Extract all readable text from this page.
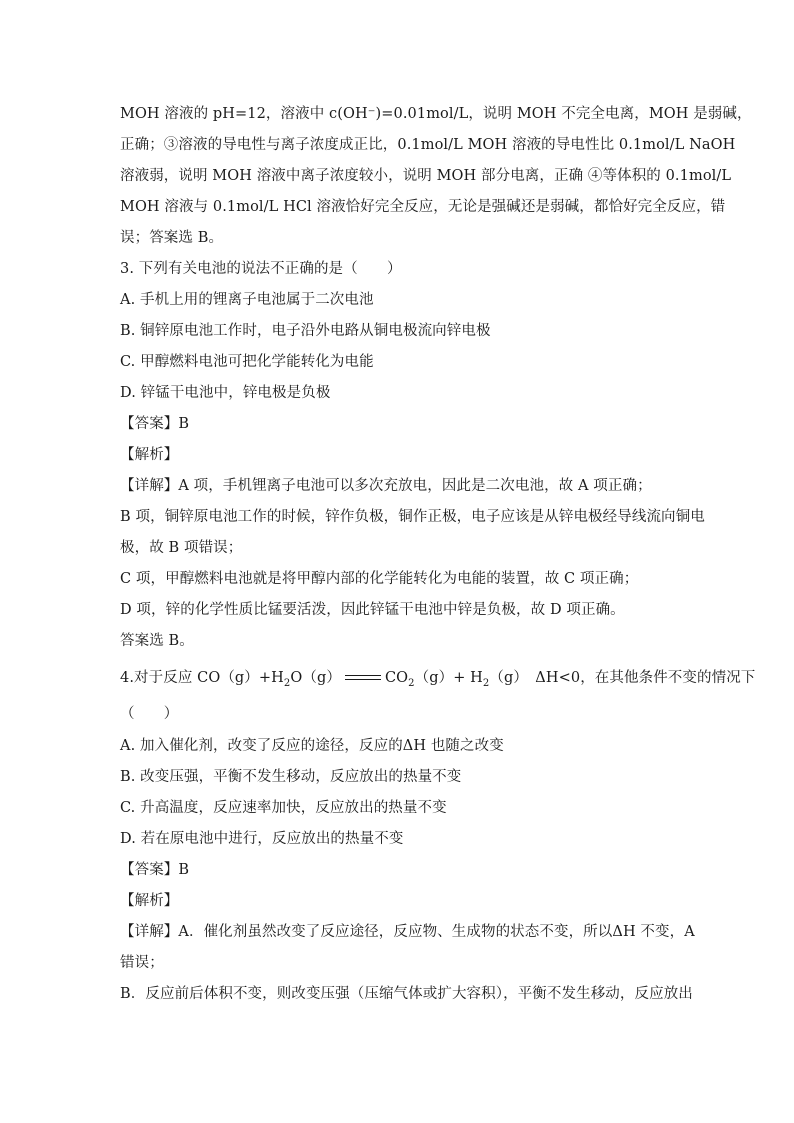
MOH 溶液的 pH=12，溶液中 c(OH⁻)=0.01mol/L，说明 MOH 不完全电离，MOH 是弱碱，
正确；③溶液的导电性与离子浓度成正比，0.1mol/L MOH 溶液的导电性比 0.1mol/L NaOH
溶液弱，说明 MOH 溶液中离子浓度较小，说明 MOH 部分电离，正确 ④等体积的 0.1mol/L
MOH 溶液与 0.1mol/L HCl 溶液恰好完全反应，无论是强碱还是弱碱，都恰好完全反应，错
误；答案选 B。
3. 下列有关电池的说法不正确的是（　　）
A. 手机上用的锂离子电池属于二次电池
B. 铜锌原电池工作时，电子沿外电路从铜电极流向锌电极
C. 甲醇燃料电池可把化学能转化为电能
D. 锌锰干电池中，锌电极是负极
【答案】B
【解析】
【详解】A 项，手机锂离子电池可以多次充放电，因此是二次电池，故 A 项正确；
B 项，铜锌原电池工作的时候，锌作负极，铜作正极，电子应该是从锌电极经导线流向铜电
极，故 B 项错误；
C 项，甲醇燃料电池就是将甲醇内部的化学能转化为电能的装置，故 C 项正确；
D 项，锌的化学性质比锰要活泼，因此锌锰干电池中锌是负极，故 D 项正确。
答案选 B。
4.对于反应 $CO(g)+H_2O(g)$	$CO_2(g)+ H_2(g)$　ΔH<0，在其他条件不变的情况下
（　　）
A. 加入催化剂，改变了反应的途径，反应的ΔH 也随之改变
B. 改变压强，平衡不发生移动，反应放出的热量不变
C. 升高温度，反应速率加快，反应放出的热量不变
D. 若在原电池中进行，反应放出的热量不变
【答案】B
【解析】
【详解】A．催化剂虽然改变了反应途径，反应物、生成物的状态不变，所以ΔH 不变，A
错误；
B．反应前后体积不变，则改变压强（压缩气体或扩大容积），平衡不发生移动，反应放出
